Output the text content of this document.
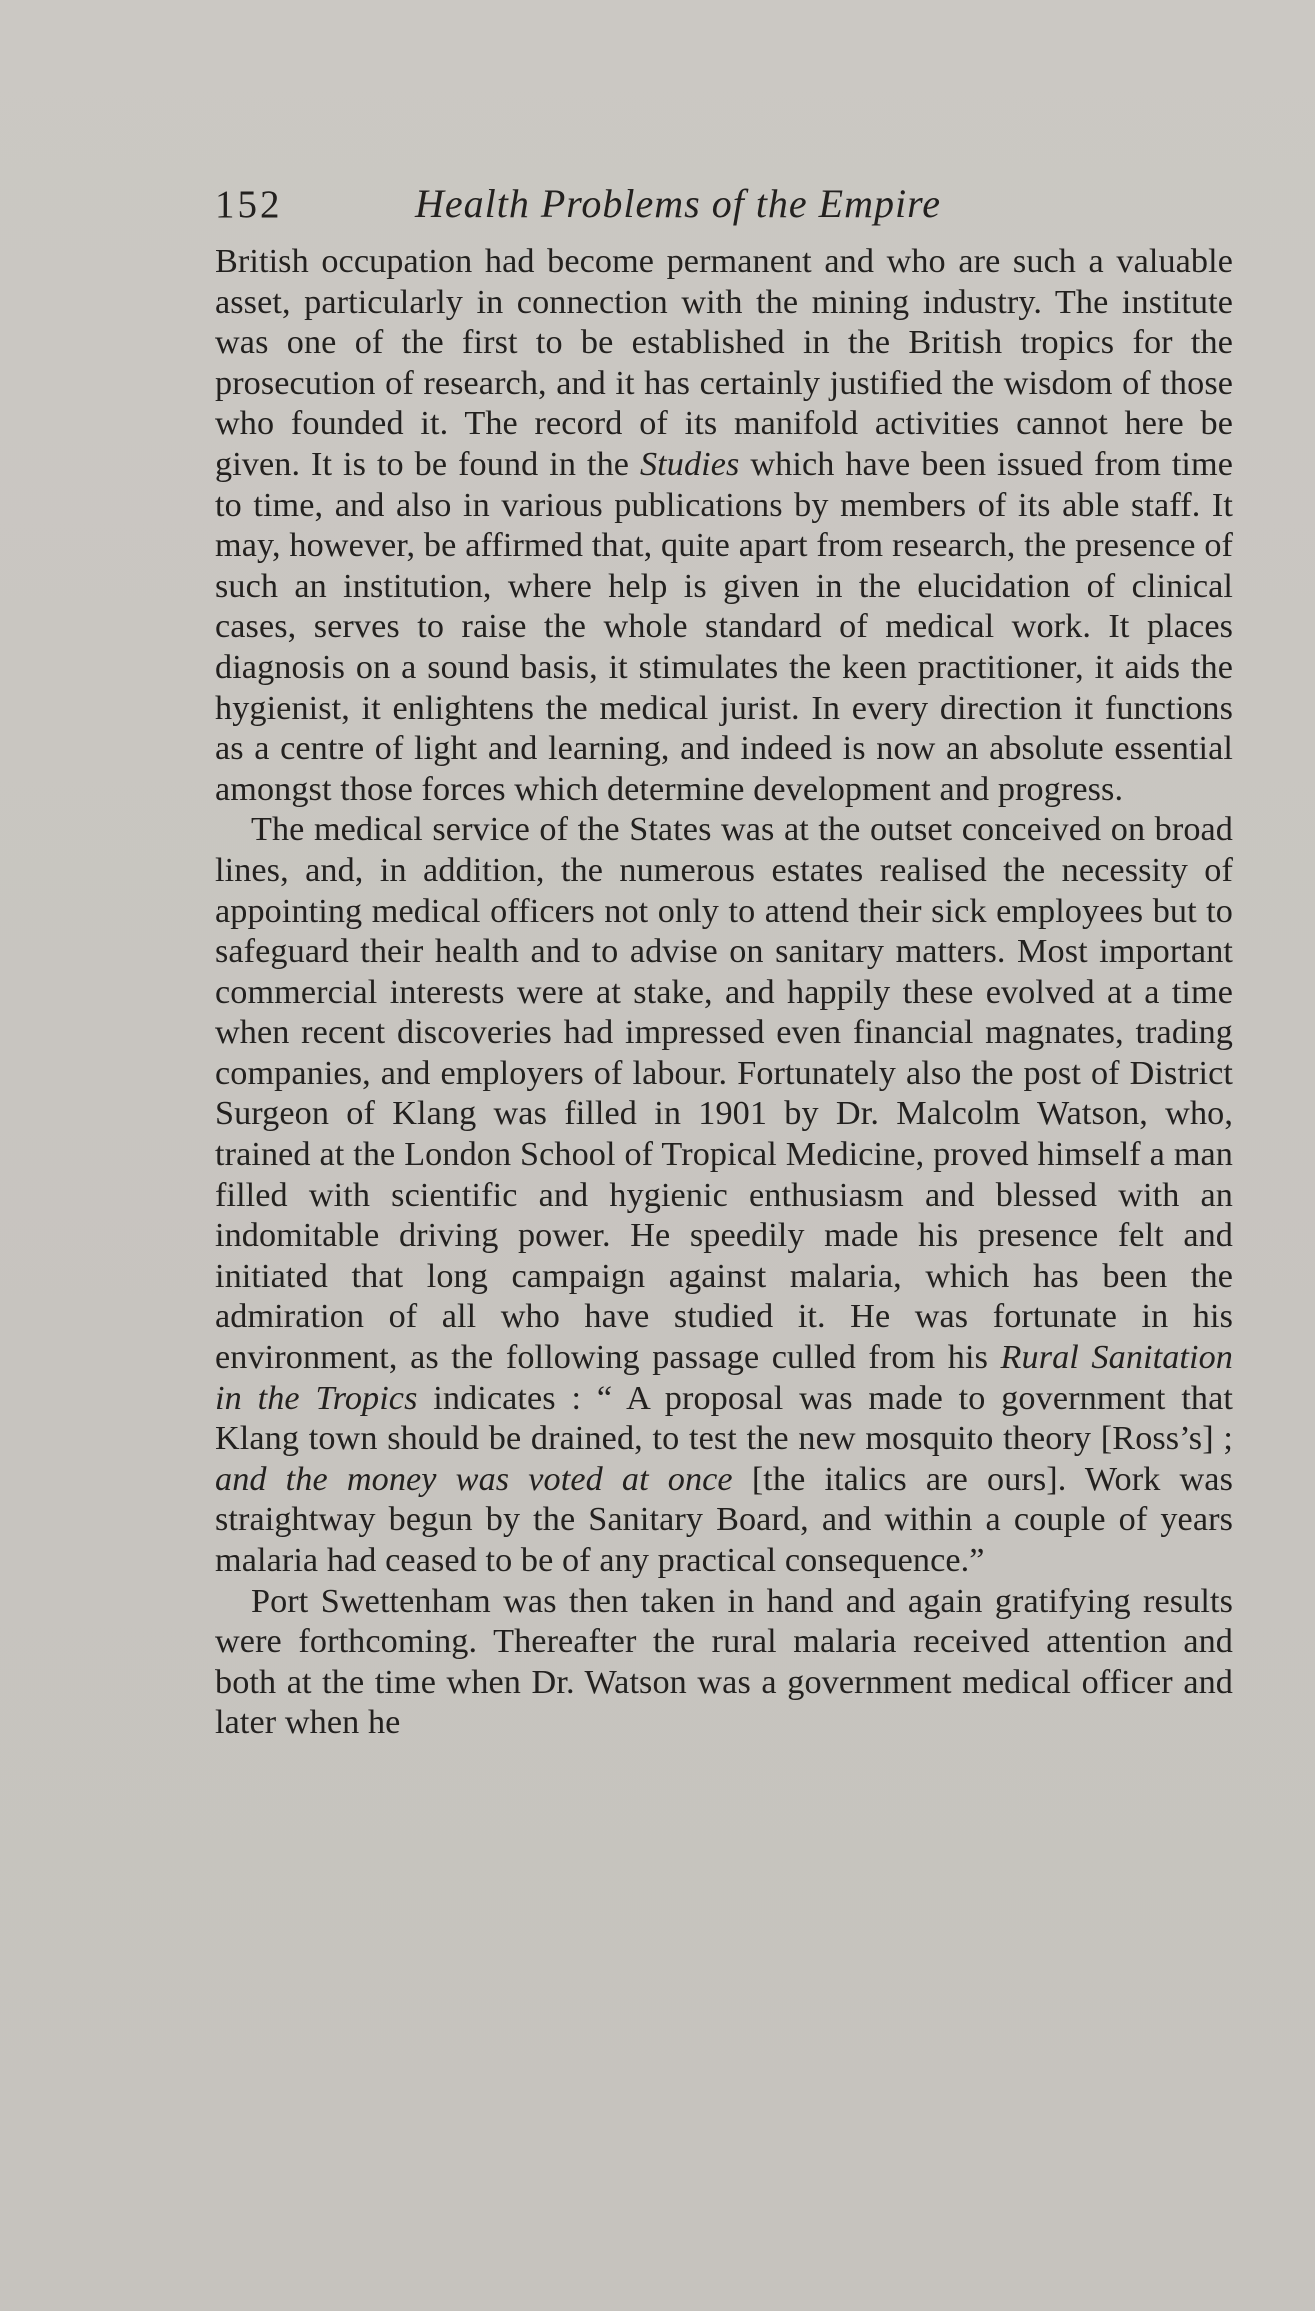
152	Health Problems of the Empire

British occupation had become permanent and who are such a valuable asset, particularly in connection with the mining industry. The institute was one of the first to be established in the British tropics for the prosecution of research, and it has certainly justified the wisdom of those who founded it. The record of its manifold activities cannot here be given. It is to be found in the Studies which have been issued from time to time, and also in various publications by members of its able staff. It may, however, be affirmed that, quite apart from research, the presence of such an institution, where help is given in the elucidation of clinical cases, serves to raise the whole standard of medical work. It places diagnosis on a sound basis, it stimulates the keen practitioner, it aids the hygienist, it enlightens the medical jurist. In every direction it functions as a centre of light and learning, and indeed is now an absolute essential amongst those forces which determine development and progress.

The medical service of the States was at the outset conceived on broad lines, and, in addition, the numerous estates realised the necessity of appointing medical officers not only to attend their sick employees but to safeguard their health and to advise on sanitary matters. Most important commercial interests were at stake, and happily these evolved at a time when recent discoveries had impressed even financial magnates, trading companies, and employers of labour. Fortunately also the post of District Surgeon of Klang was filled in 1901 by Dr. Malcolm Watson, who, trained at the London School of Tropical Medicine, proved himself a man filled with scientific and hygienic enthusiasm and blessed with an indomitable driving power. He speedily made his presence felt and initiated that long campaign against malaria, which has been the admiration of all who have studied it. He was fortunate in his environment, as the following passage culled from his Rural Sanitation in the Tropics indicates : “ A proposal was made to government that Klang town should be drained, to test the new mosquito theory [Ross’s] ; and the money was voted at once [the italics are ours]. Work was straightway begun by the Sanitary Board, and within a couple of years malaria had ceased to be of any practical consequence.”

Port Swettenham was then taken in hand and again gratifying results were forthcoming. Thereafter the rural malaria received attention and both at the time when Dr. Watson was a government medical officer and later when he
